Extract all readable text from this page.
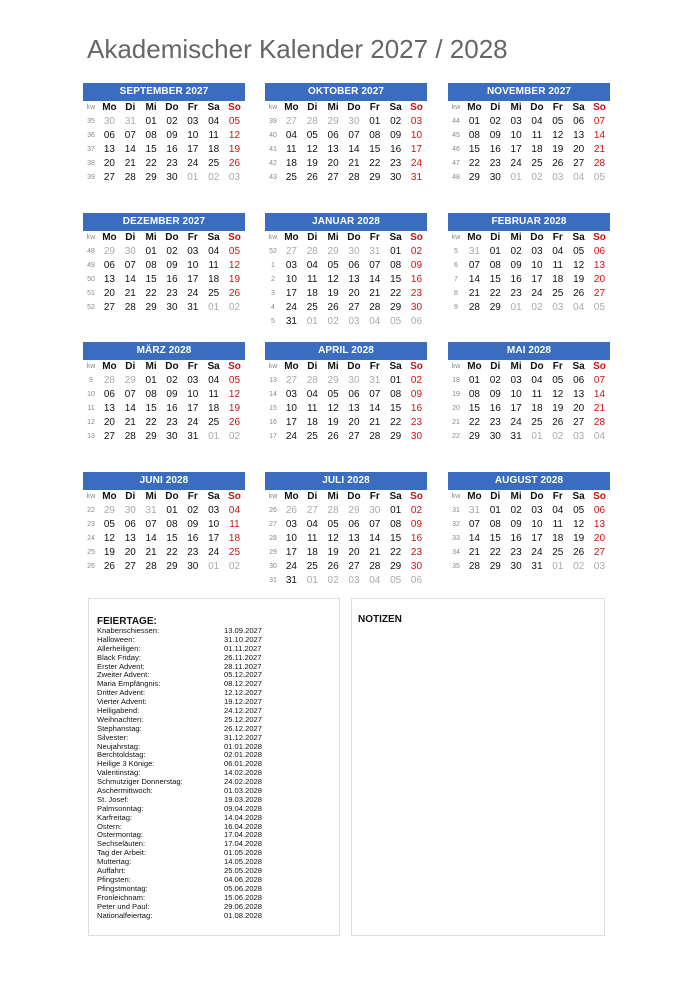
Akademischer Kalender 2027 / 2028
SEPTEMBER 2027
kw Mo Di	Mi Do Fr Sa So
35 30 31 01 02 03 04 05
36 06 07 08 09 10	11	12
37 13 14 15 16 17 18 19
38 20 21 22 23 24 25 26
39 27 28 29 30 01 02 03
OKTOBER 2027
kw Mo Di	Mi Do Fr Sa So
39 27 28 29 30 01 02 03
40 04 05 06 07 08 09 10
41 11	12 13 14 15 16 17
42 18 19 20 21 22 23 24
43 25 26 27 28 29 30 31
NOVEMBER 2027
kw Mo Di	Mi Do Fr Sa So
44 01 02 03 04 05 06 07
45 08 09 10	11	12 13 14
46 15 16 17 18 19 20 21
47 22 23 24 25 26 27 28
48 29 30 01 02 03 04 05
DEZEMBER 2027
kw Mo Di	Mi Do Fr Sa So
48 29 30 01 02 03 04 05
49 06 07 08 09 10	11	12
50 13 14 15 16 17 18 19
51 20 21 22 23 24 25 26
52 27 28 29 30 31 01 02
JANUAR 2028
kw Mo Di	Mi Do Fr Sa So
52 27 28 29 30 31 01 02
1	03 04 05 06 07 08 09
2	10	11	12 13 14 15 16
3	17 18 19 20 21 22 23
4	24 25 26 27 28 29 30
5	31 01 02 03 04 05 06
FEBRUAR 2028
kw Mo Di	Mi Do Fr Sa So
5	31 01 02 03 04 05 06
6	07 08 09 10	11	12 13
7	14 15 16 17 18 19 20
8	21 22 23 24 25 26 27
9	28 29 01 02 03 04 05
MÄRZ 2028
kw Mo Di	Mi Do Fr Sa So
9	28 29 01 02 03 04 05
10 06 07 08 09 10	11	12
11 13 14 15 16 17 18 19
12 20 21 22 23 24 25 26
13 27 28 29 30 31 01 02
APRIL 2028
kw Mo Di	Mi Do Fr Sa So
13 27 28 29 30 31 01 02
14 03 04 05 06 07 08 09
15 10	11	12 13 14 15 16
16 17 18 19 20 21 22 23
17 24 25 26 27 28 29 30
MAI 2028
kw Mo Di	Mi Do Fr Sa So
18 01 02 03 04 05 06 07
19 08 09 10	11	12 13 14
20 15 16 17 18 19 20 21
21 22 23 24 25 26 27 28
22 29 30 31 01 02 03 04
JUNI 2028
kw Mo Di	Mi Do Fr Sa So
22 29 30 31 01 02 03 04
23 05 06 07 08 09 10	11
24 12 13 14 15 16 17 18
25 19 20 21 22 23 24 25
26 26 27 28 29 30 01 02
JULI 2028
kw Mo Di	Mi Do Fr Sa So
26 26 27 28 29 30 01 02
27 03 04 05 06 07 08 09
28 10	11	12 13 14 15 16
29 17 18 19 20 21 22 23
30 24 25 26 27 28 29 30
31 31 01 02 03 04 05 06
AUGUST 2028
kw Mo Di	Mi Do Fr Sa So
31 31 01 02 03 04 05 06
32 07 08 09 10	11	12 13
33 14 15 16 17 18 19 20
34 21 22 23 24 25 26 27
35 28 29 30 31 01 02 03
FEIERTAGE:
Knabenschiessen:	13.09.2027
Halloween:	31.10.2027
Allerheiligen:	01.11.2027
Black Friday:	26.11.2027
Erster Advent:	28.11.2027
Zweiter Advent:	05.12.2027
Maria Empfängnis:	08.12.2027
Dritter Advent:	12.12.2027
Vierter Advent:	19.12.2027
Heiligabend:	24.12.2027
Weihnachten:	25.12.2027
Stephanstag:	26.12.2027
Silvester:	31.12.2027
Neujahrstag:	01.01.2028
Berchtoldstag:	02.01.2028
Heilige 3 Könige:	06.01.2028
Valentinstag:	14.02.2028
Schmutziger Donnerstag:	24.02.2028
Aschermittwoch:	01.03.2028
St. Josef:	19.03.2028
Palmsonntag:	09.04.2028
Karfreitag:	14.04.2028
Ostern:	16.04.2028
Ostermontag:	17.04.2028
Sechseläuten:	17.04.2028
Tag der Arbeit:	01.05.2028
Muttertag:	14.05.2028
Auffahrt:	25.05.2028
Pfingsten:	04.06.2028
Pfingstmontag:	05.06.2028
Fronleichnam:	15.06.2028
Peter und Paul:	29.06.2028
Nationalfeiertag:	01.08.2028
NOTIZEN
